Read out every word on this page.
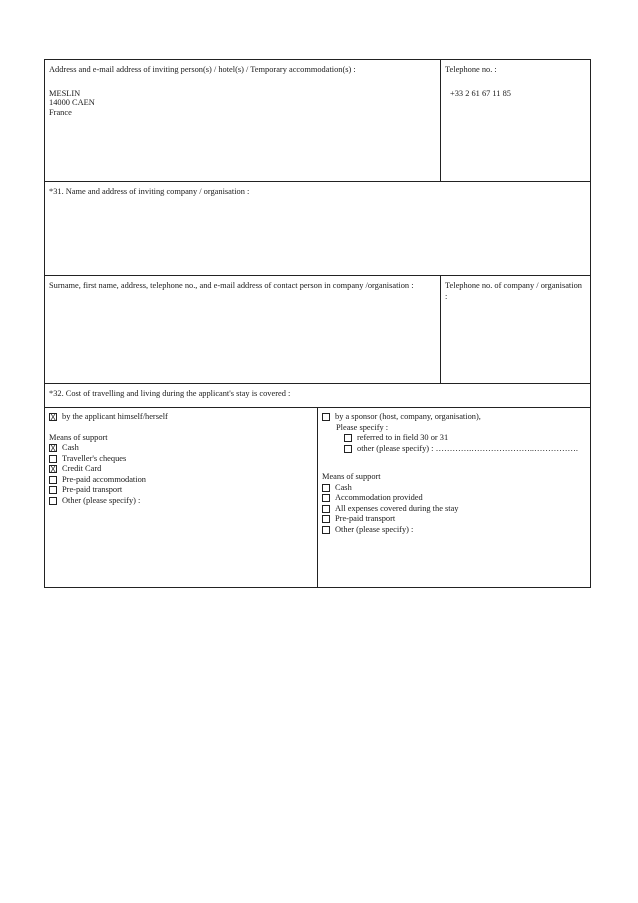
Address and e-mail address of inviting person(s) / hotel(s) / Temporary accommodation(s) :
MESLIN
14000 CAEN
France
Telephone no. :
+33 2 61 67 11 85
*31. Name and address of inviting company / organisation :
Surname, first name, address, telephone no., and e-mail address of contact person in company /organisation :	Telephone no. of company / organisation :
*32. Cost of travelling and living during the applicant's stay is covered :
X by the applicant himself/herself
Means of support
X Cash
Traveller's cheques
X Credit Card
Pre-paid accommodation
Pre-paid transport
Other (please specify) :
by a sponsor (host, company, organisation),
Please specify :
referred to in field 30 or 31
other (please specify) : ………….…………………..…………….
Means of support
Cash
Accommodation provided
All expenses covered during the stay
Pre-paid transport
Other (please specify) :
